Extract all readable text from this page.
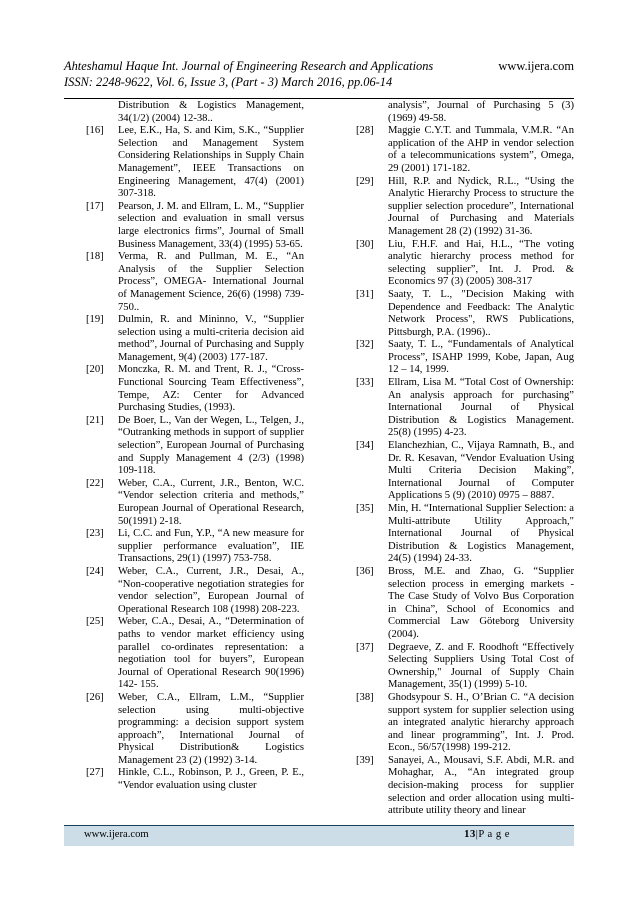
Ahteshamul Haque Int. Journal of Engineering Research and Applications	www.ijera.com
ISSN: 2248-9622, Vol. 6, Issue 3, (Part - 3) March 2016, pp.06-14
Distribution & Logistics Management, 34(1/2) (2004) 12-38..
[16]	Lee, E.K., Ha, S. and Kim, S.K., “Supplier Selection and Management System Considering Relationships in Supply Chain Management”, IEEE Transactions on Engineering Management, 47(4) (2001) 307-318.
[17]	Pearson, J. M. and Ellram, L. M., “Supplier selection and evaluation in small versus large electronics firms”, Journal of Small Business Management, 33(4) (1995) 53-65.
[18]	Verma, R. and Pullman, M. E., “An Analysis of the Supplier Selection Process”, OMEGA- International Journal of Management Science, 26(6) (1998) 739-750..
[19]	Dulmin, R. and Mininno, V., “Supplier selection using a multi-criteria decision aid method”, Journal of Purchasing and Supply Management, 9(4) (2003) 177-187.
[20]	Monczka, R. M. and Trent, R. J., “Cross-Functional Sourcing Team Effectiveness”, Tempe, AZ: Center for Advanced Purchasing Studies, (1993).
[21]	De Boer, L., Van der Wegen, L., Telgen, J., “Outranking methods in support of supplier selection”, European Journal of Purchasing and Supply Management 4 (2/3) (1998) 109-118.
[22]	Weber, C.A., Current, J.R., Benton, W.C. “Vendor selection criteria and methods,” European Journal of Operational Research, 50(1991) 2-18.
[23]	Li, C.C. and Fun, Y.P., “A new measure for supplier performance evaluation”, IIE Transactions, 29(1) (1997) 753-758.
[24]	Weber, C.A., Current, J.R., Desai, A., “Non-cooperative negotiation strategies for vendor selection”, European Journal of Operational Research 108 (1998) 208-223.
[25]	Weber, C.A., Desai, A., “Determination of paths to vendor market efficiency using parallel co-ordinates representation: a negotiation tool for buyers”, European Journal of Operational Research 90(1996) 142- 155.
[26]	Weber, C.A., Ellram, L.M., “Supplier selection using multi-objective programming: a decision support system approach”, International Journal of Physical Distribution& Logistics Management 23 (2) (1992) 3-14.
[27]	Hinkle, C.L., Robinson, P. J., Green, P. E., “Vendor evaluation using cluster
analysis”, Journal of Purchasing 5 (3) (1969) 49-58.
[28]	Maggie C.Y.T. and Tummala, V.M.R. “An application of the AHP in vendor selection of a telecommunications system”, Omega, 29 (2001) 171-182.
[29]	Hill, R.P. and Nydick, R.L., “Using the Analytic Hierarchy Process to structure the supplier selection procedure”, International Journal of Purchasing and Materials Management 28 (2) (1992) 31-36.
[30]	Liu, F.H.F. and Hai, H.L., “The voting analytic hierarchy process method for selecting supplier”, Int. J. Prod. & Economics 97 (3) (2005) 308-317
[31]	Saaty, T. L., "Decision Making with Dependence and Feedback: The Analytic Network Process", RWS Publications, Pittsburgh, P.A. (1996)..
[32]	Saaty, T. L., “Fundamentals of Analytical Process”, ISAHP 1999, Kobe, Japan, Aug 12 – 14, 1999.
[33]	Ellram, Lisa M. “Total Cost of Ownership: An analysis approach for purchasing” International Journal of Physical Distribution & Logistics Management. 25(8) (1995) 4-23.
[34]	Elanchezhian, C., Vijaya Ramnath, B., and Dr. R. Kesavan, “Vendor Evaluation Using Multi Criteria Decision Making”, International Journal of Computer Applications 5 (9) (2010) 0975 – 8887.
[35]	Min, H. “International Supplier Selection: a Multi-attribute Utility Approach," International Journal of Physical Distribution & Logistics Management, 24(5) (1994) 24-33.
[36]	Bross, M.E. and Zhao, G. “Supplier selection process in emerging markets - The Case Study of Volvo Bus Corporation in China”, School of Economics and Commercial Law Göteborg University (2004).
[37]	Degraeve, Z. and F. Roodhoft “Effectively Selecting Suppliers Using Total Cost of Ownership," Journal of Supply Chain Management, 35(1) (1999) 5-10.
[38]	Ghodsypour S. H., O’Brian C. “A decision support system for supplier selection using an integrated analytic hierarchy approach and linear programming”, Int. J. Prod. Econ., 56/57(1998) 199-212.
[39]	Sanayei, A., Mousavi, S.F. Abdi, M.R. and Mohaghar, A., “An integrated group decision-making process for supplier selection and order allocation using multi-attribute utility theory and linear
www.ijera.com	13|P a g e
